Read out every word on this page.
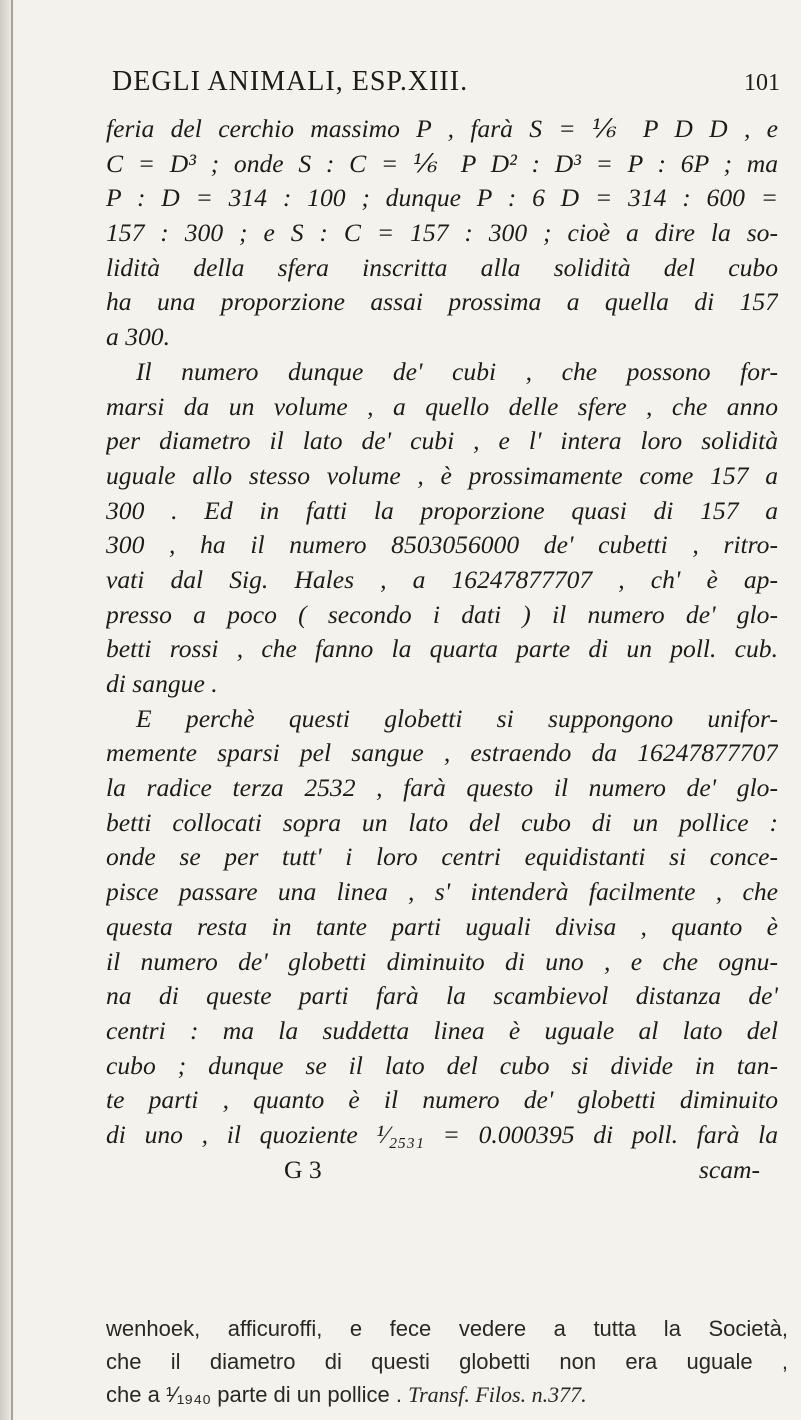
DEGLI ANIMALI, ESP.XIII.	101
feria del cerchio massimo P , farà S = ⅙ P D D , e
C = D³ ; onde S : C = ⅙ P D² : D³ = P : 6P ; ma
P : D = 314 : 100 ; dunque P : 6 D = 314 : 600 =
157 : 300 ; e S : C = 157 : 300 ; cioè a dire la so-
lidità della sfera inscritta alla solidità del cubo
ha una proporzione assai prossima a quella di 157
a 300.
Il numero dunque de' cubi , che possono for-
marsi da un volume , a quello delle sfere , che anno
per diametro il lato de' cubi , e l' intera loro solidità
uguale allo stesso volume , è prossimamente come 157 a
300 . Ed in fatti la proporzione quasi di 157 a
300 , ha il numero 8503056000 de' cubetti , ritro-
vati dal Sig. Hales , a 16247877707 , ch' è ap-
presso a poco ( secondo i dati ) il numero de' glo-
betti rossi , che fanno la quarta parte di un poll. cub.
di sangue .
E perchè questi globetti si suppongono unifor-
memente sparsi pel sangue , estraendo da 16247877707
la radice terza 2532 , farà questo il numero de' glo-
betti collocati sopra un lato del cubo di un pollice :
onde se per tutt' i loro centri equidistanti si conce-
pisce passare una linea , s' intenderà facilmente , che
questa resta in tante parti uguali divisa , quanto è
il numero de' globetti diminuito di uno , e che ognu-
na di queste parti farà la scambievol distanza de'
centri : ma la suddetta linea è uguale al lato del
cubo ; dunque se il lato del cubo si divide in tan-
te parti , quanto è il numero de' globetti diminuito
di uno , il quoziente ¹⁄₂₅₃₁ = 0.000395 di poll. farà la
G 3	scam-
wenhoek, afficuroffi, e fece vedere a tutta la Società,
che il diametro di questi globetti non era uguale ,
che a ¹⁄₁₉₄₀ parte di un pollice . Transf. Filos. n.377.
